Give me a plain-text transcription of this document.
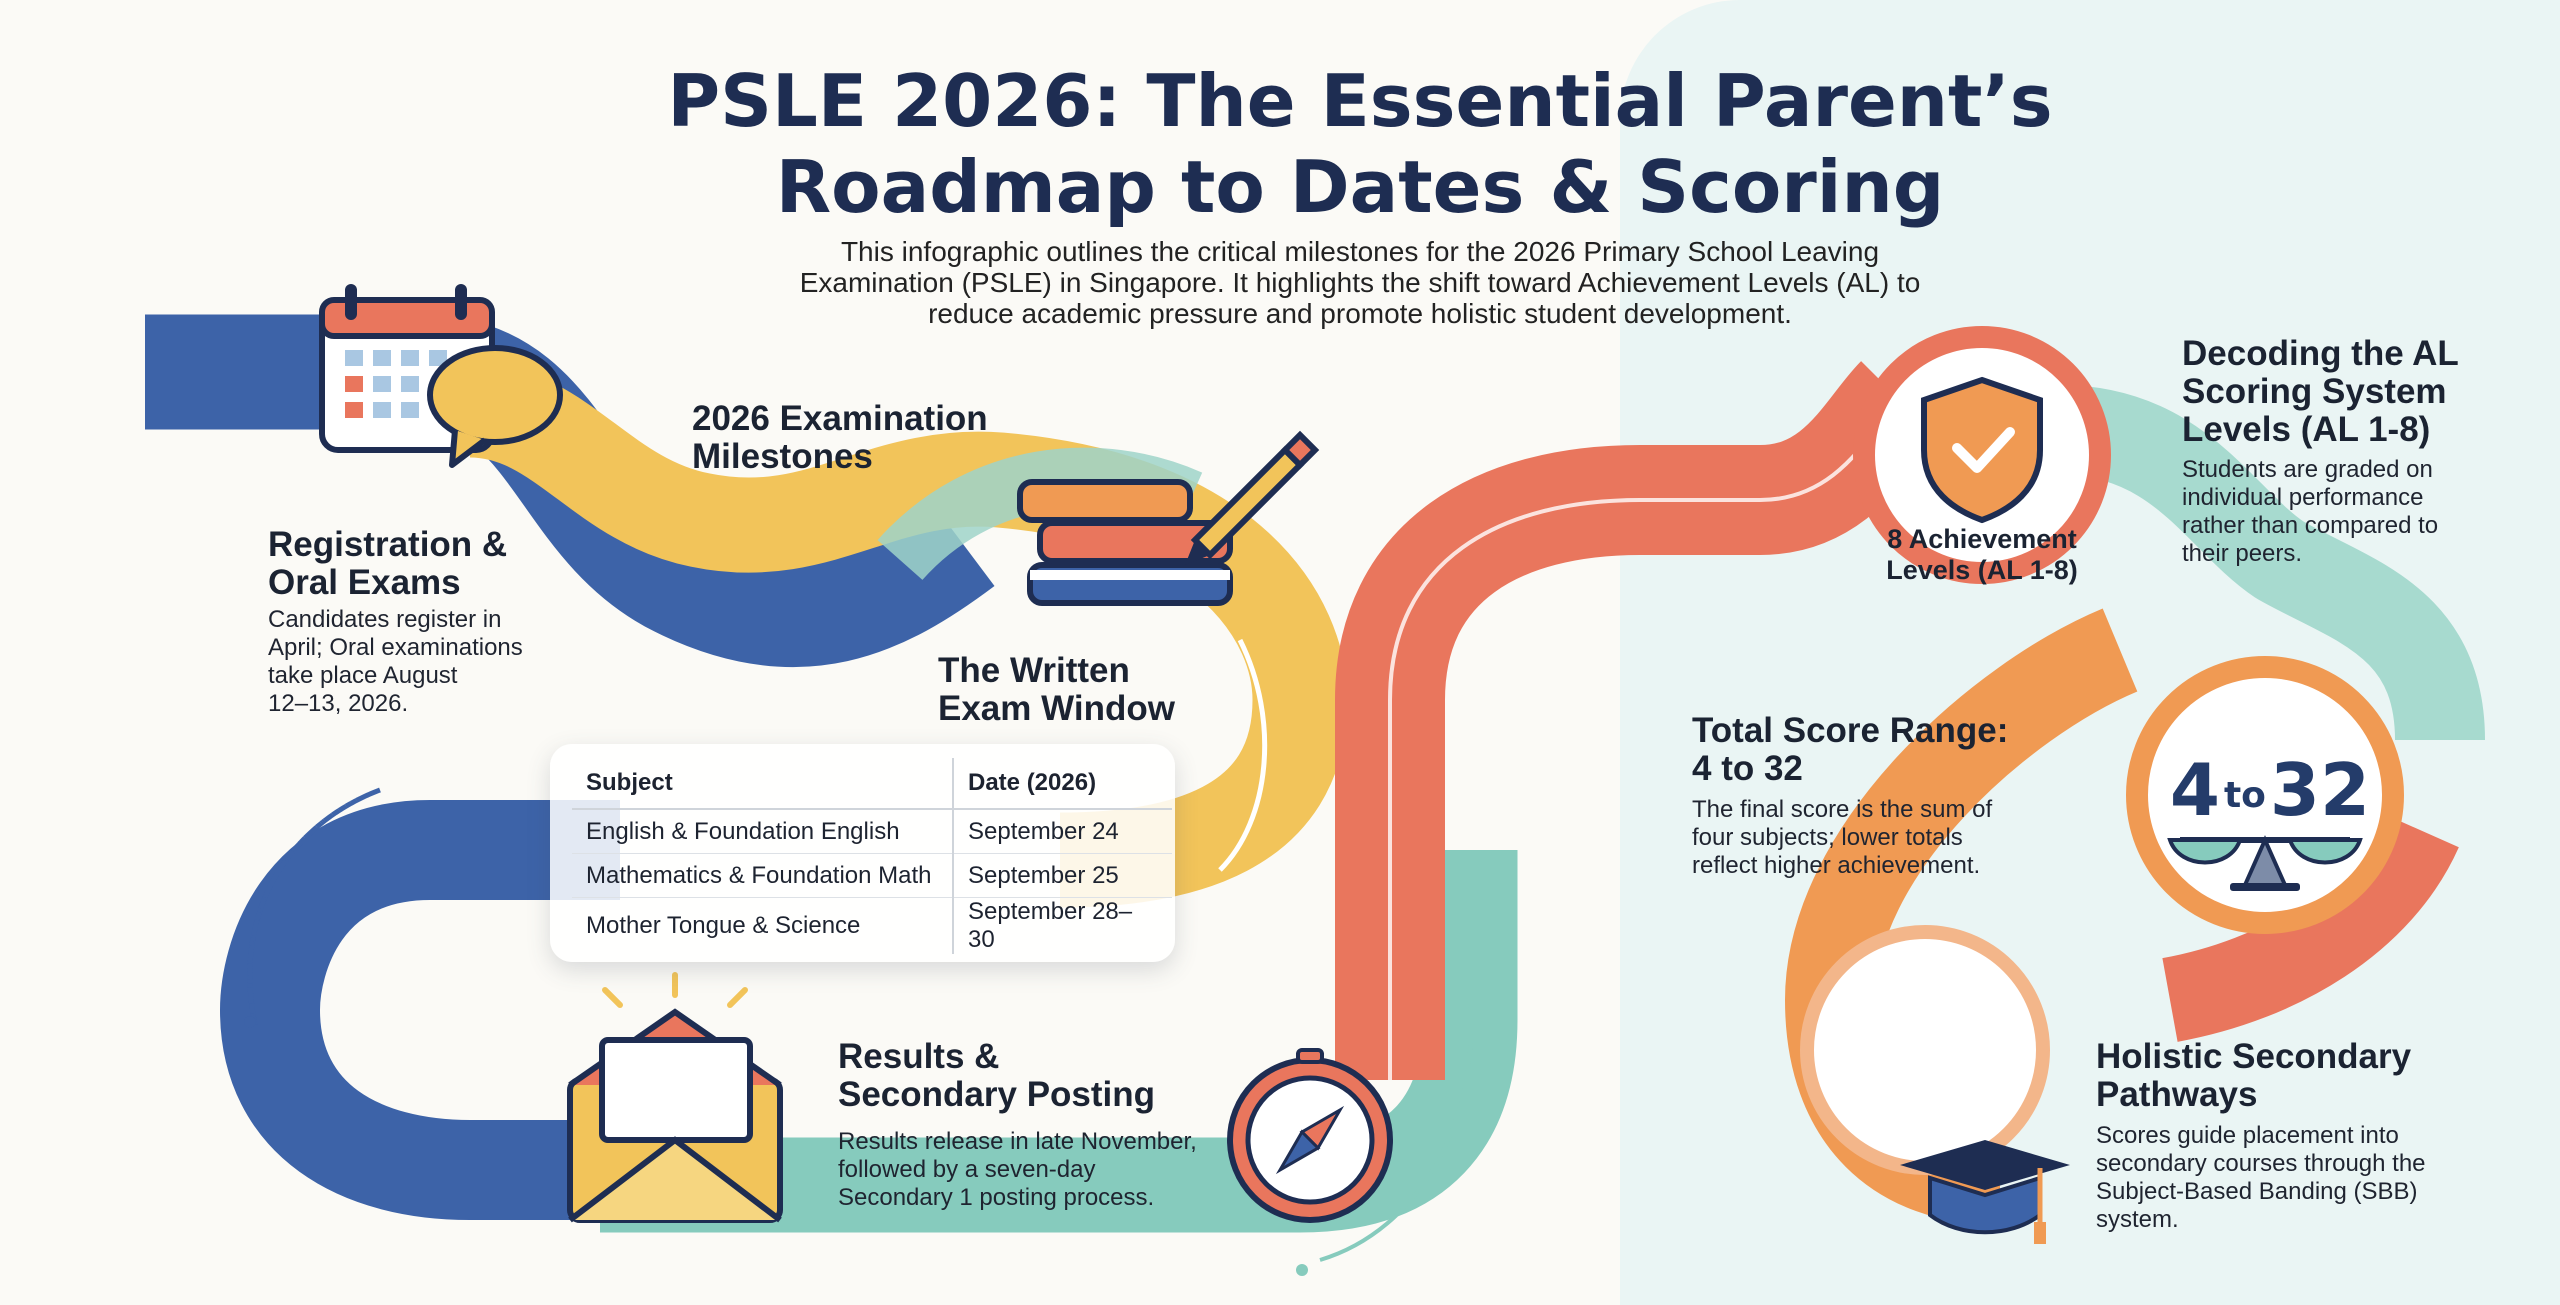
PSLE 2026: The Essential Parent’s
Roadmap to Dates & Scoring
This infographic outlines the critical milestones for the 2026 Primary School Leaving
Examination (PSLE) in Singapore. It highlights the shift toward Achievement Levels (AL) to
reduce academic pressure and promote holistic student development.
2026 Examination
Milestones
Registration &
Oral Exams

Candidates register in
April; Oral examinations
take place August
12–13, 2026.

The Written
Exam Window
Subject	Date (2026)
English & Foundation English	September 24
Mathematics & Foundation Math	September 25
Mother Tongue & Science	September 28–30
Results &
Secondary Posting

Results release in late November,
followed by a seven-day
Secondary 1 posting process.

Decoding the AL
Scoring System
Levels (AL 1-8)

Students are graded on
individual performance
rather than compared to
their peers.

8 Achievement
Levels (AL 1-8)
Total Score Range:
4 to 32

The final score is the sum of
four subjects; lower totals
reflect higher achievement.

4 to32
Holistic Secondary
Pathways

Scores guide placement into
secondary courses through the
Subject-Based Banding (SBB)
system.
